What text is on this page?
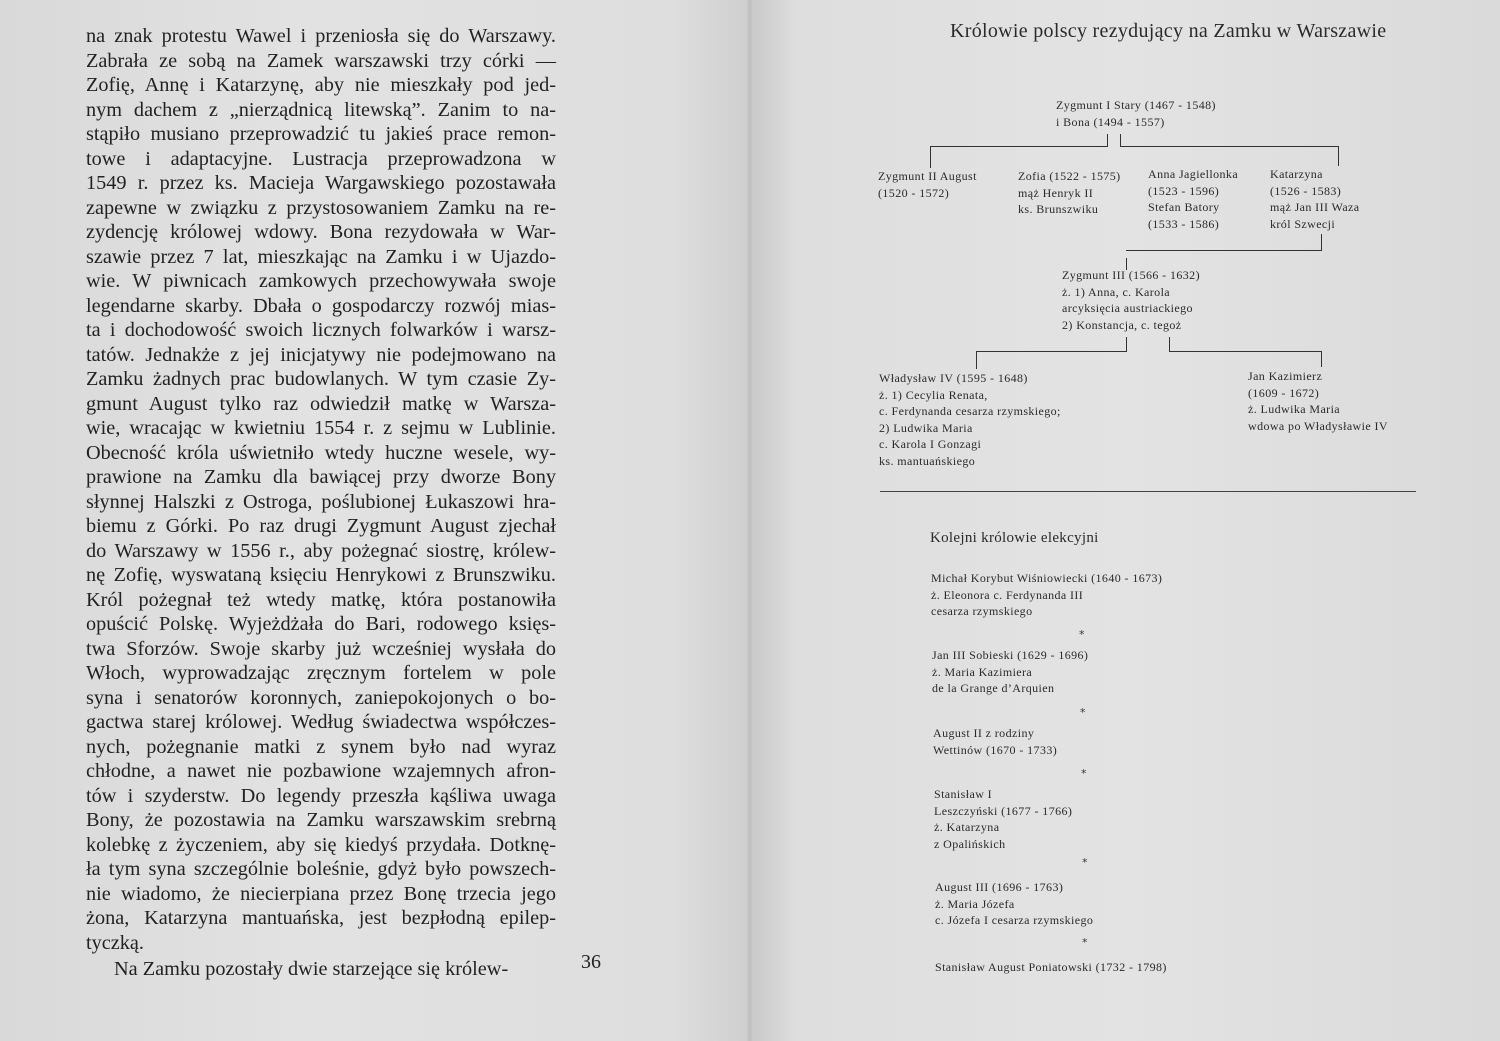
na znak protestu Wawel i przeniosła się do Warszawy.
Zabrała ze sobą na Zamek warszawski trzy córki —
Zofię, Annę i Katarzynę, aby nie mieszkały pod jed-
nym dachem z „nierządnicą litewską”. Zanim to na-
stąpiło musiano przeprowadzić tu jakieś prace remon-
towe i adaptacyjne. Lustracja przeprowadzona w
1549 r. przez ks. Macieja Wargawskiego pozostawała
zapewne w związku z przystosowaniem Zamku na re-
zydencję królowej wdowy. Bona rezydowała w War-
szawie przez 7 lat, mieszkając na Zamku i w Ujazdo-
wie. W piwnicach zamkowych przechowywała swoje
legendarne skarby. Dbała o gospodarczy rozwój mias-
ta i dochodowość swoich licznych folwarków i warsz-
tatów. Jednakże z jej inicjatywy nie podejmowano na
Zamku żadnych prac budowlanych. W tym czasie Zy-
gmunt August tylko raz odwiedził matkę w Warsza-
wie, wracając w kwietniu 1554 r. z sejmu w Lublinie.
Obecność króla uświetniło wtedy huczne wesele, wy-
prawione na Zamku dla bawiącej przy dworze Bony
słynnej Halszki z Ostroga, poślubionej Łukaszowi hra-
biemu z Górki. Po raz drugi Zygmunt August zjechał
do Warszawy w 1556 r., aby pożegnać siostrę, królew-
nę Zofię, wyswataną księciu Henrykowi z Brunszwiku.
Król pożegnał też wtedy matkę, która postanowiła
opuścić Polskę. Wyjeżdżała do Bari, rodowego księs-
twa Sforzów. Swoje skarby już wcześniej wysłała do
Włoch, wyprowadzając zręcznym fortelem w pole
syna i senatorów koronnych, zaniepokojonych o bo-
gactwa starej królowej. Według świadectwa współczes-
nych, pożegnanie matki z synem było nad wyraz
chłodne, a nawet nie pozbawione wzajemnych afron-
tów i szyderstw. Do legendy przeszła kąśliwa uwaga
Bony, że pozostawia na Zamku warszawskim srebrną
kolebkę z życzeniem, aby się kiedyś przydała. Dotknę-
ła tym syna szczególnie boleśnie, gdyż było powszech-
nie wiadomo, że niecierpiana przez Bonę trzecia jego
żona, Katarzyna mantuańska, jest bezpłodną epilep-
tyczką.
Na Zamku pozostały dwie starzejące się królew-	36
Królowie polscy rezydujący na Zamku w Warszawie
Zygmunt I Stary (1467 - 1548)
i Bona (1494 - 1557)
Zygmunt II August
(1520 - 1572)
Zofia (1522 - 1575)
mąż Henryk II
ks. Brunszwiku
Anna Jagiellonka
(1523 - 1596)
Stefan Batory
(1533 - 1586)
Katarzyna
(1526 - 1583)
mąż Jan III Waza
król Szwecji
Zygmunt III (1566 - 1632)
ż. 1) Anna, c. Karola
arcyksięcia austriackiego
2) Konstancja, c. tegoż
Władysław IV (1595 - 1648)
ż. 1) Cecylia Renata,
c. Ferdynanda cesarza rzymskiego;
2) Ludwika Maria
c. Karola I Gonzagi
ks. mantuańskiego
Jan Kazimierz
(1609 - 1672)
ż. Ludwika Maria
wdowa po Władysławie IV
Kolejni królowie elekcyjni
Michał Korybut Wiśniowiecki (1640 - 1673)
ż. Eleonora c. Ferdynanda III
cesarza rzymskiego
*
Jan III Sobieski (1629 - 1696)
ż. Maria Kazimiera
de la Grange d’Arquien
*
August II z rodziny
Wettinów (1670 - 1733)
*
Stanisław I
Leszczyński (1677 - 1766)
ż. Katarzyna
z Opalińskich
*
August III (1696 - 1763)
ż. Maria Józefa
c. Józefa I cesarza rzymskiego
*
Stanisław August Poniatowski (1732 - 1798)
